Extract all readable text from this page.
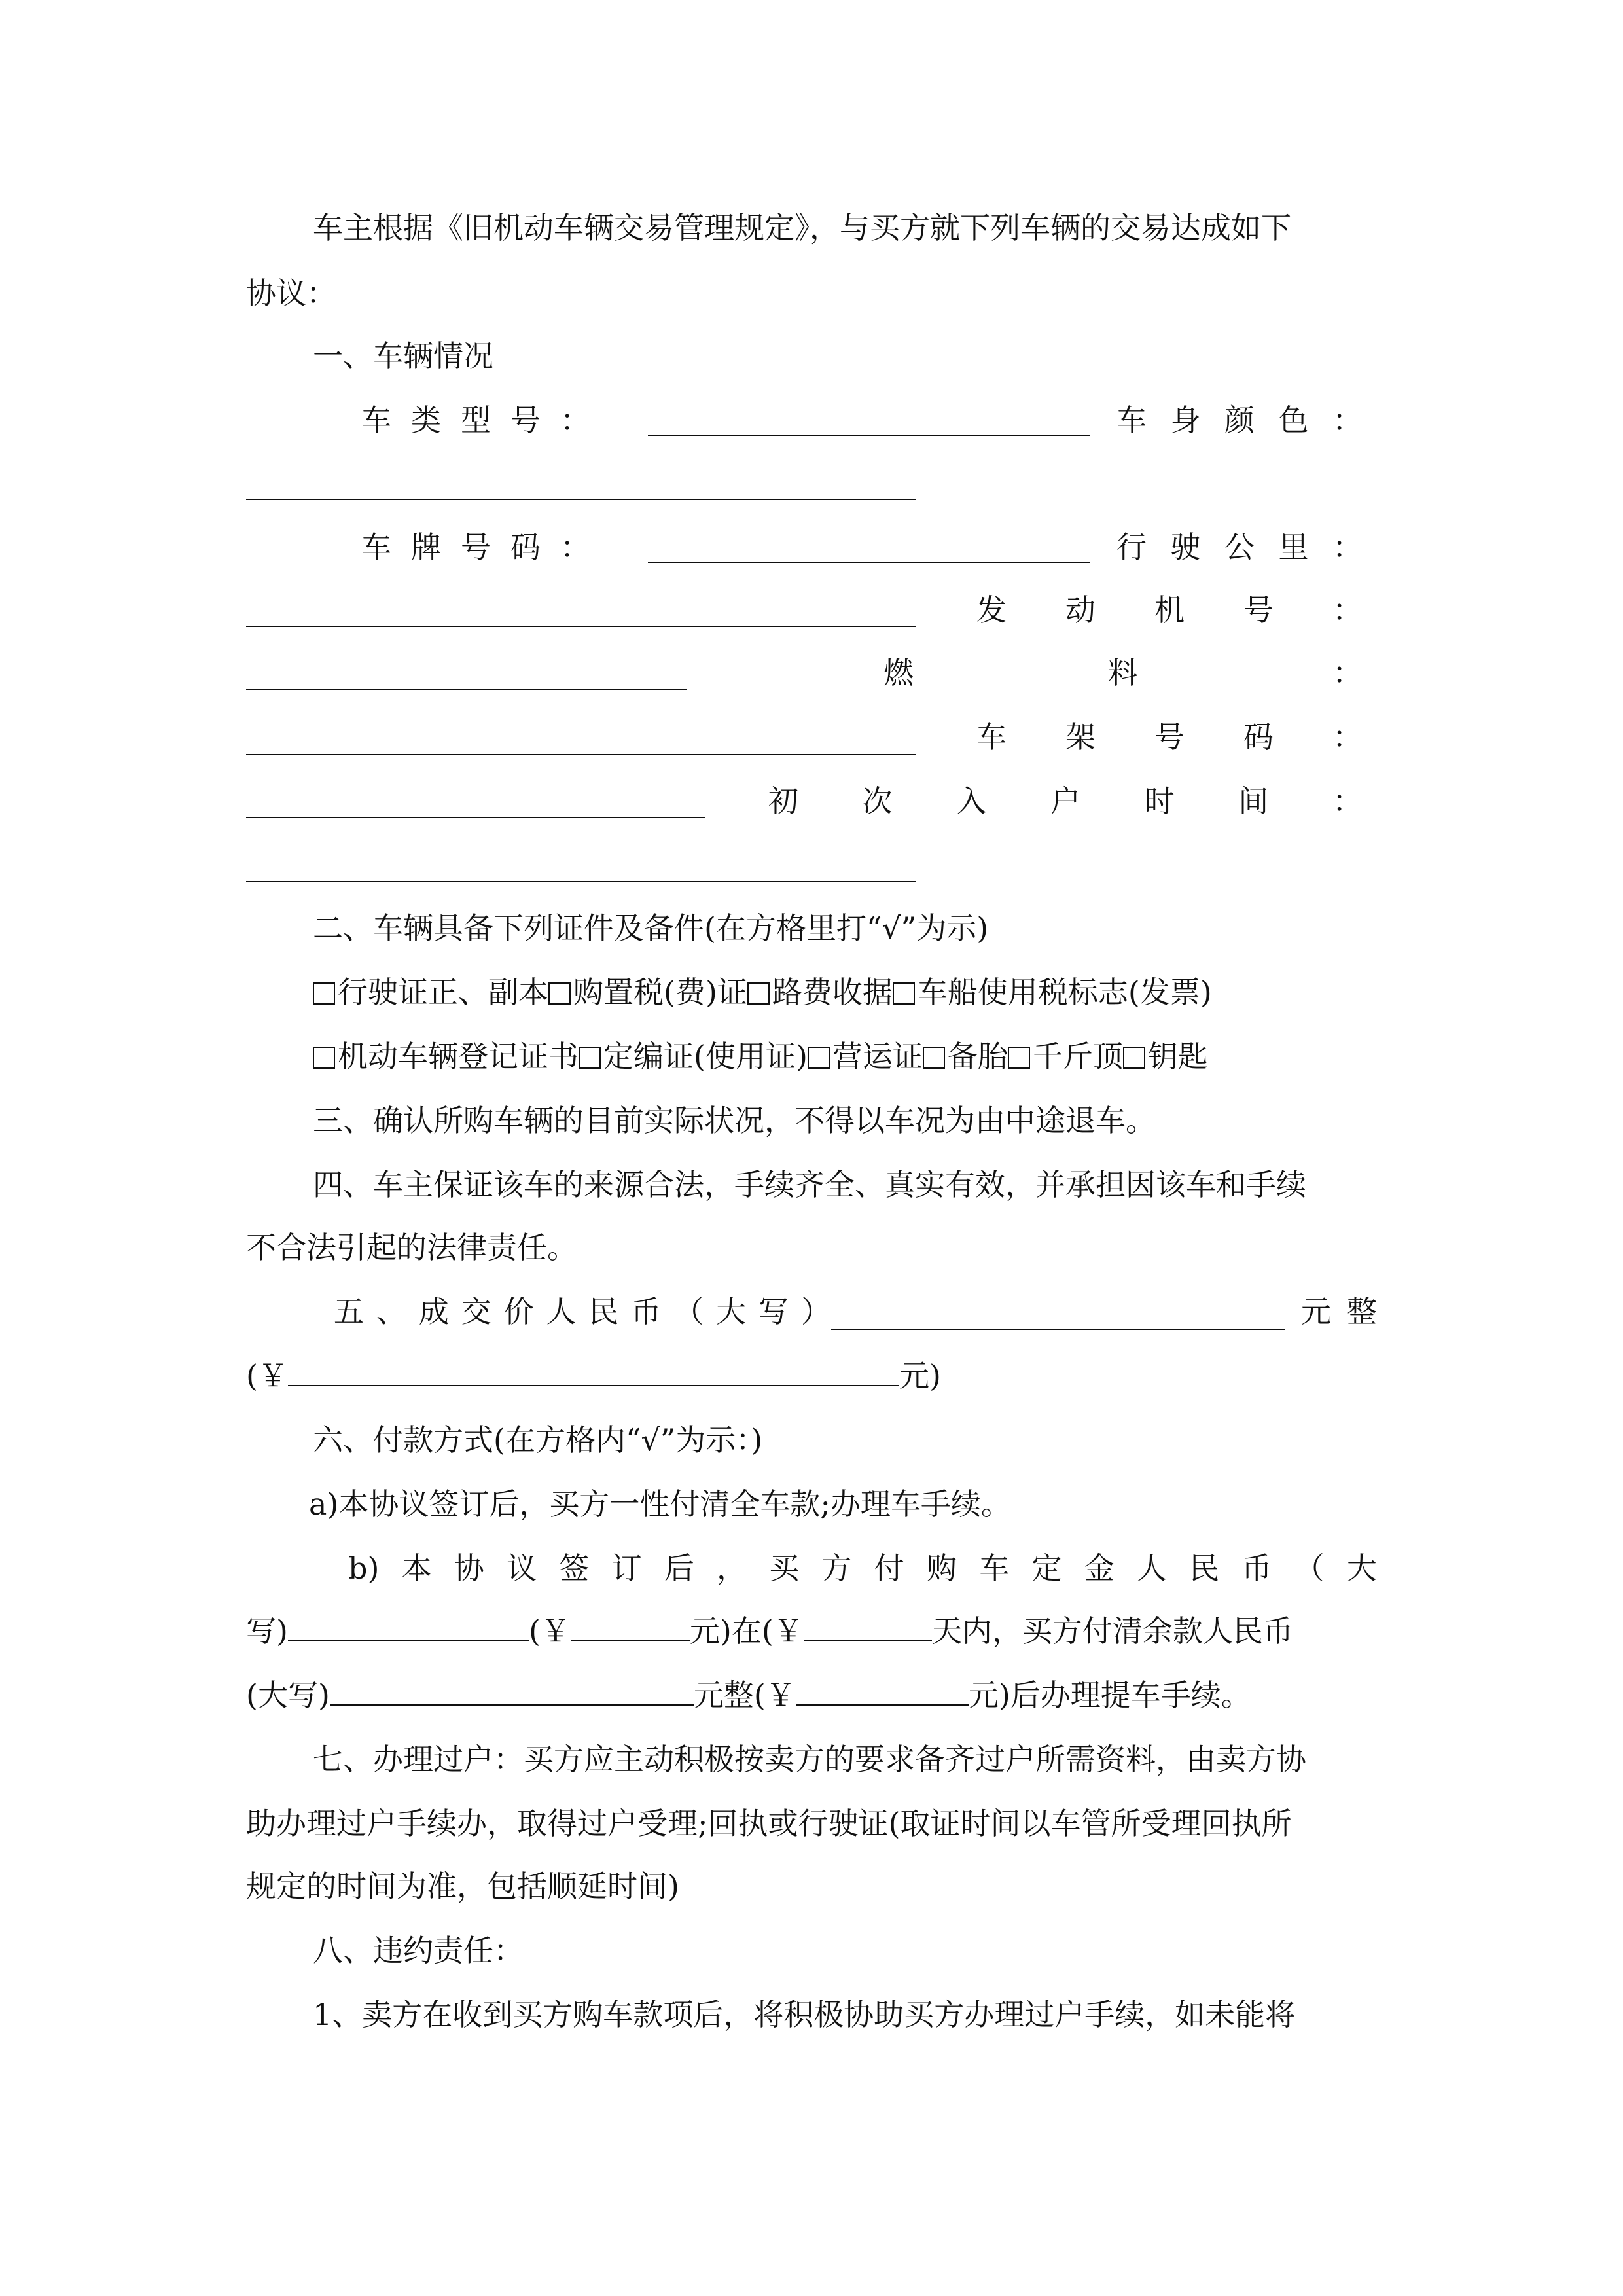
车主根据《旧机动车辆交易管理规定》，与买方就下列车辆的交易达成如下
协议：
一、车辆情况
车 类 型 号 ：	车 身 颜 色 ：
车 牌 号 码 ：	行 驶 公 里 ：
发 动 机 号 ：
燃	料	：
车 架 号 码 ：
初 次 入 户 时 间 ：
二、车辆具备下列证件及备件(在方格里打“√”为示)
行驶证正、副本 购置税(费)证 路费收据 车船使用税标志(发票)
机动车辆登记证书 定编证(使用证) 营运证 备胎 千斤顶 钥匙
三、确认所购车辆的目前实际状况，不得以车况为由中途退车。
四、车主保证该车的来源合法，手续齐全、真实有效，并承担因该车和手续
不合法引起的法律责任。
五 、 成 交 价 人 民 币 （ 大 写 ）	元 整
(￥	元)
六、付款方式(在方格内“√”为示：)
a)本协议签订后，买方一性付清全车款;办理车手续。
b) 本 协 议 签 订 后 ， 买 方 付 购 车 定 金 人 民 币 （ 大
写)	(￥	元)在(￥	天内，买方付清余款人民币
(大写)	元整(￥	元)后办理提车手续。
七、办理过户：买方应主动积极按卖方的要求备齐过户所需资料，由卖方协
助办理过户手续办，取得过户受理;回执或行驶证(取证时间以车管所受理回执所
规定的时间为准，包括顺延时间)
八、违约责任：
1、卖方在收到买方购车款项后，将积极协助买方办理过户手续，如未能将
